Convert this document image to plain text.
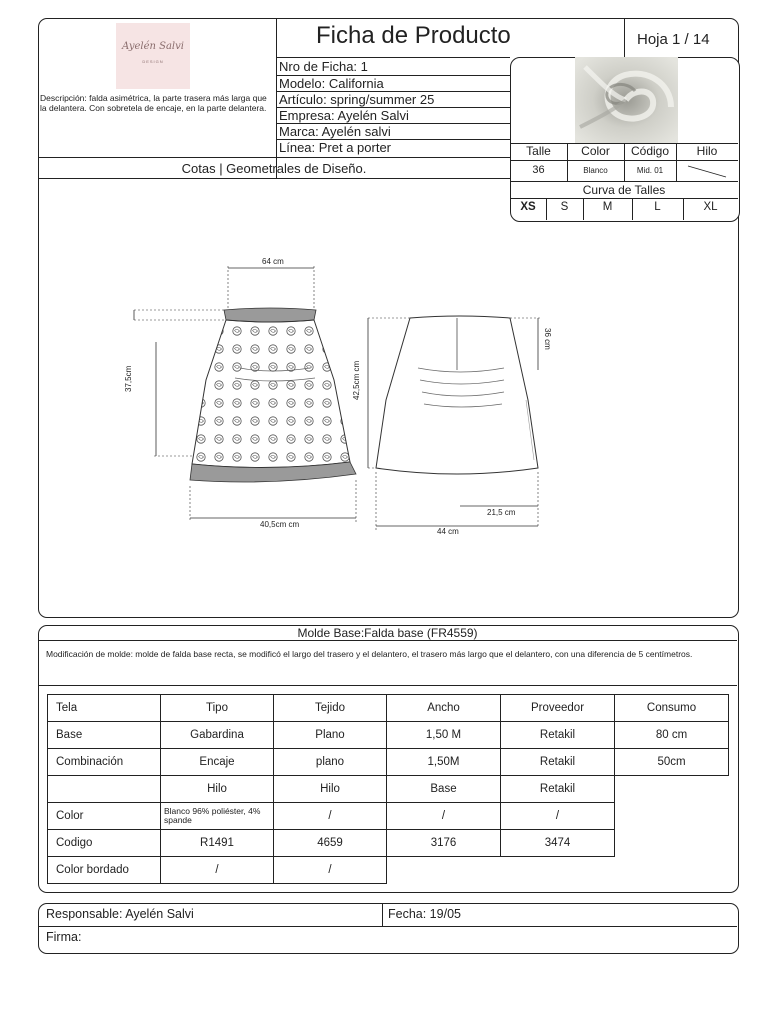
Ayelén Salvi
DESIGN
Descripción: falda asimétrica, la parte trasera más larga que la delantera. Con sobretela de encaje, en la parte delantera.
Ficha de Producto	Hoja 1 / 14
Nro de Ficha: 1
Modelo: California
Artículo: spring/summer 25
Empresa: Ayelén Salvi
Marca: Ayelén salvi
Línea: Pret a porter
Cotas | Geometrales de Diseño.
Talle	Color	Código	Hilo
36	Blanco	Mid. 01
Curva de Talles
XS	S	M	L	XL
64 cm
37,5cm
40,5cm cm
42,5cm cm
36 cm
21,5 cm
44 cm
Molde Base:Falda base (FR4559)
Modificación de molde: molde de falda base recta, se modificó el largo del trasero y el delantero, el trasero más largo que el delantero, con una diferencia de 5 centímetros.
Tela	Tipo	Tejido	Ancho	Proveedor	Consumo
Base	Gabardina	Plano	1,50 M	Retakil	80 cm
Combinación	Encaje	plano	1,50M	Retakil	50cm
	Hilo	Hilo	Base	Retakil	
Color	Blanco 96% poliéster, 4% spande	/	/	/	
Codigo	R1491	4659	3176	3474	
Color bordado	/	/			
Responsable: Ayelén Salvi	Fecha: 19/05
Firma:
